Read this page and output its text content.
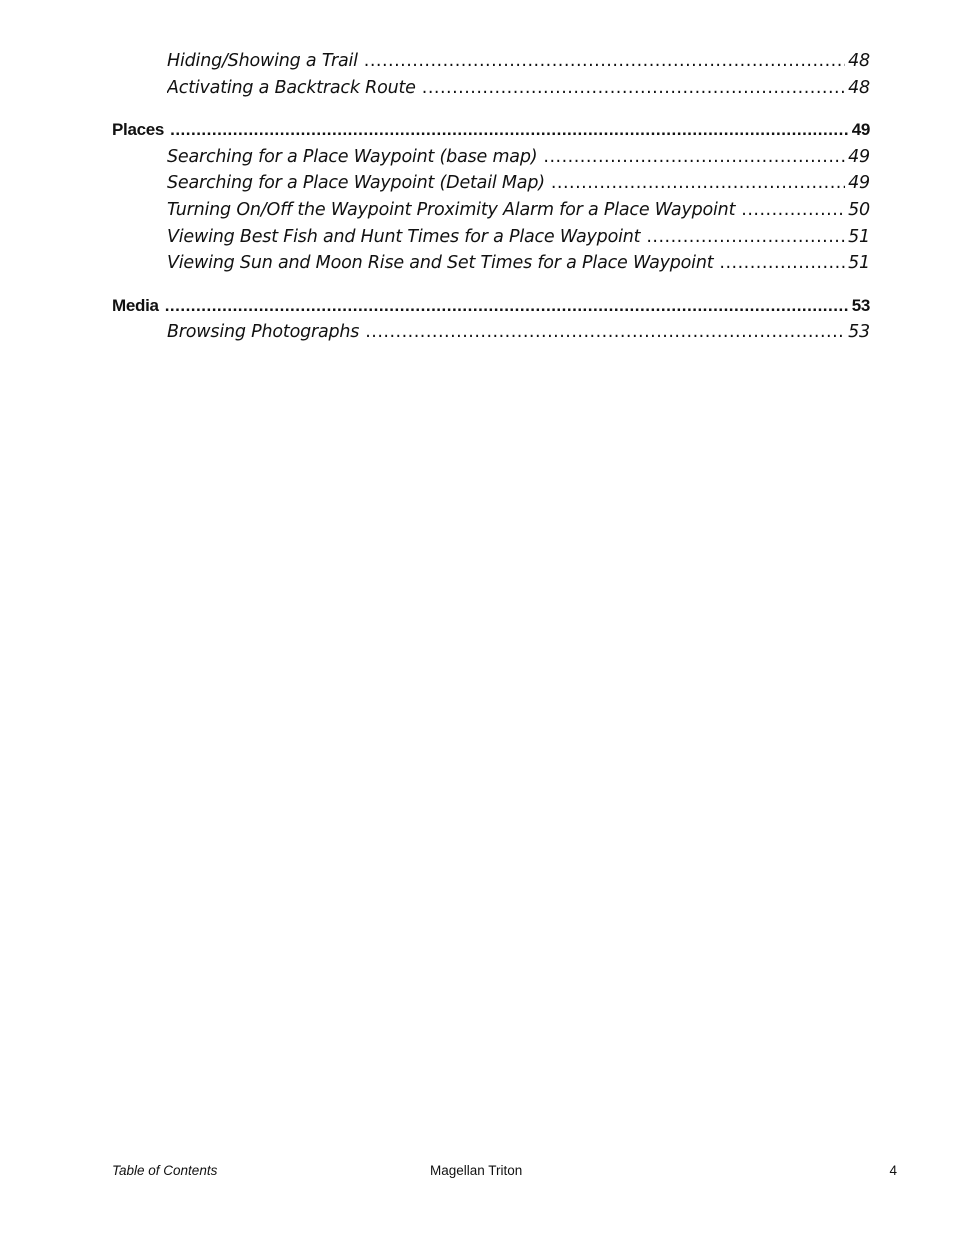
Hiding/Showing a Trail .....	48
Activating a Backtrack Route .....	48
Places .....	49
Searching for a Place Waypoint (base map) .....	49
Searching for a Place Waypoint (Detail Map) .....	49
Turning On/Off the Waypoint Proximity Alarm for a Place Waypoint .....	50
Viewing Best Fish and Hunt Times for a Place Waypoint .....	51
Viewing Sun and Moon Rise and Set Times for a Place Waypoint .....	51
Media .....	53
Browsing Photographs .....	53
Table of Contents	Magellan Triton	4
